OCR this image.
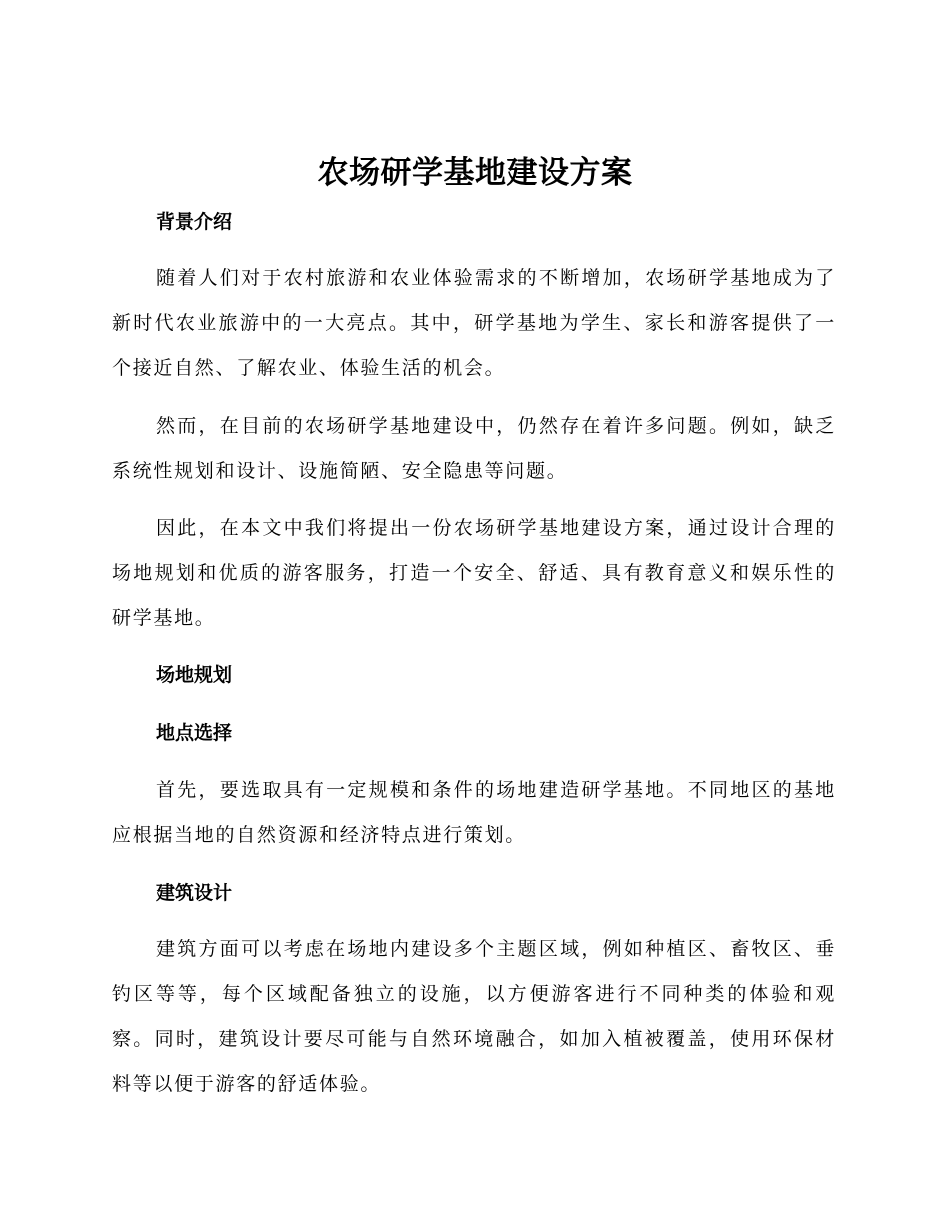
农场研学基地建设方案
背景介绍

随着人们对于农村旅游和农业体验需求的不断增加，农场研学基地成为了新时代农业旅游中的一大亮点。其中，研学基地为学生、家长和游客提供了一个接近自然、了解农业、体验生活的机会。

然而，在目前的农场研学基地建设中，仍然存在着许多问题。例如，缺乏系统性规划和设计、设施简陋、安全隐患等问题。

因此，在本文中我们将提出一份农场研学基地建设方案，通过设计合理的场地规划和优质的游客服务，打造一个安全、舒适、具有教育意义和娱乐性的研学基地。

场地规划
地点选择

首先，要选取具有一定规模和条件的场地建造研学基地。不同地区的基地应根据当地的自然资源和经济特点进行策划。

建筑设计

建筑方面可以考虑在场地内建设多个主题区域，例如种植区、畜牧区、垂钓区等等，每个区域配备独立的设施，以方便游客进行不同种类的体验和观察。同时，建筑设计要尽可能与自然环境融合，如加入植被覆盖，使用环保材料等以便于游客的舒适体验。
